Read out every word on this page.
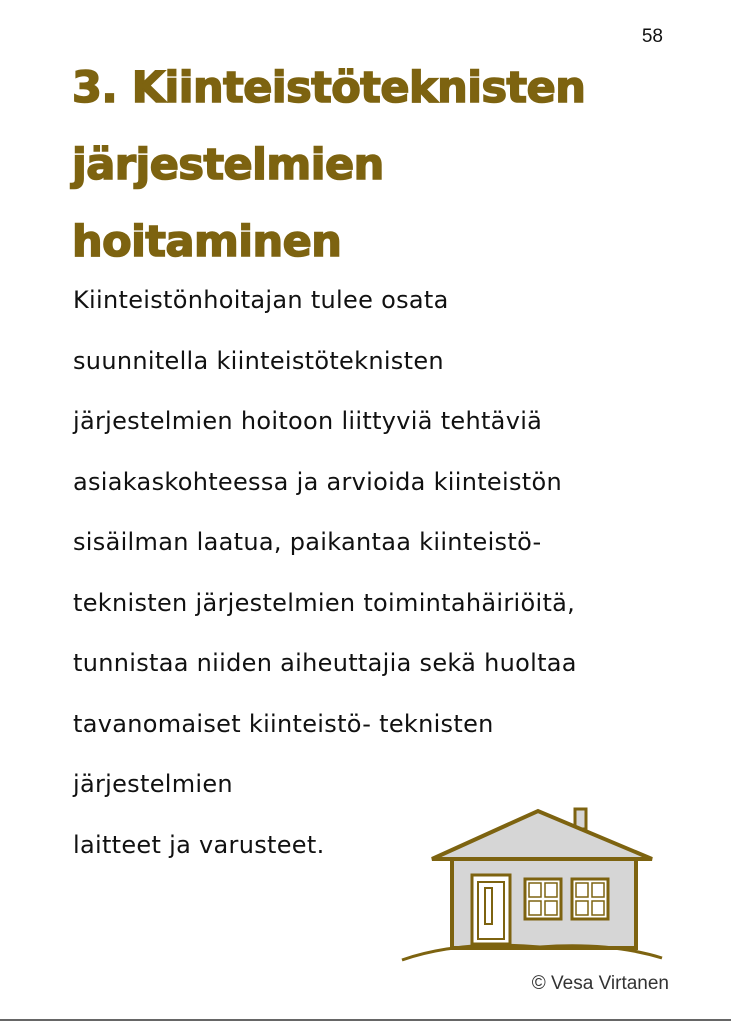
58
3. Kiinteistöteknisten
järjestelmien
hoitaminen
Kiinteistönhoitajan tulee osata
suunnitella kiinteistöteknisten
järjestelmien hoitoon liittyviä tehtäviä
asiakaskohteessa ja arvioida kiinteistön
sisäilman laatua, paikantaa kiinteistö-
teknisten järjestelmien toimintahäiriöitä,
tunnistaa niiden aiheuttajia sekä huoltaa
tavanomaiset kiinteistö- teknisten
järjestelmien
laitteet ja varusteet.
© Vesa Virtanen
